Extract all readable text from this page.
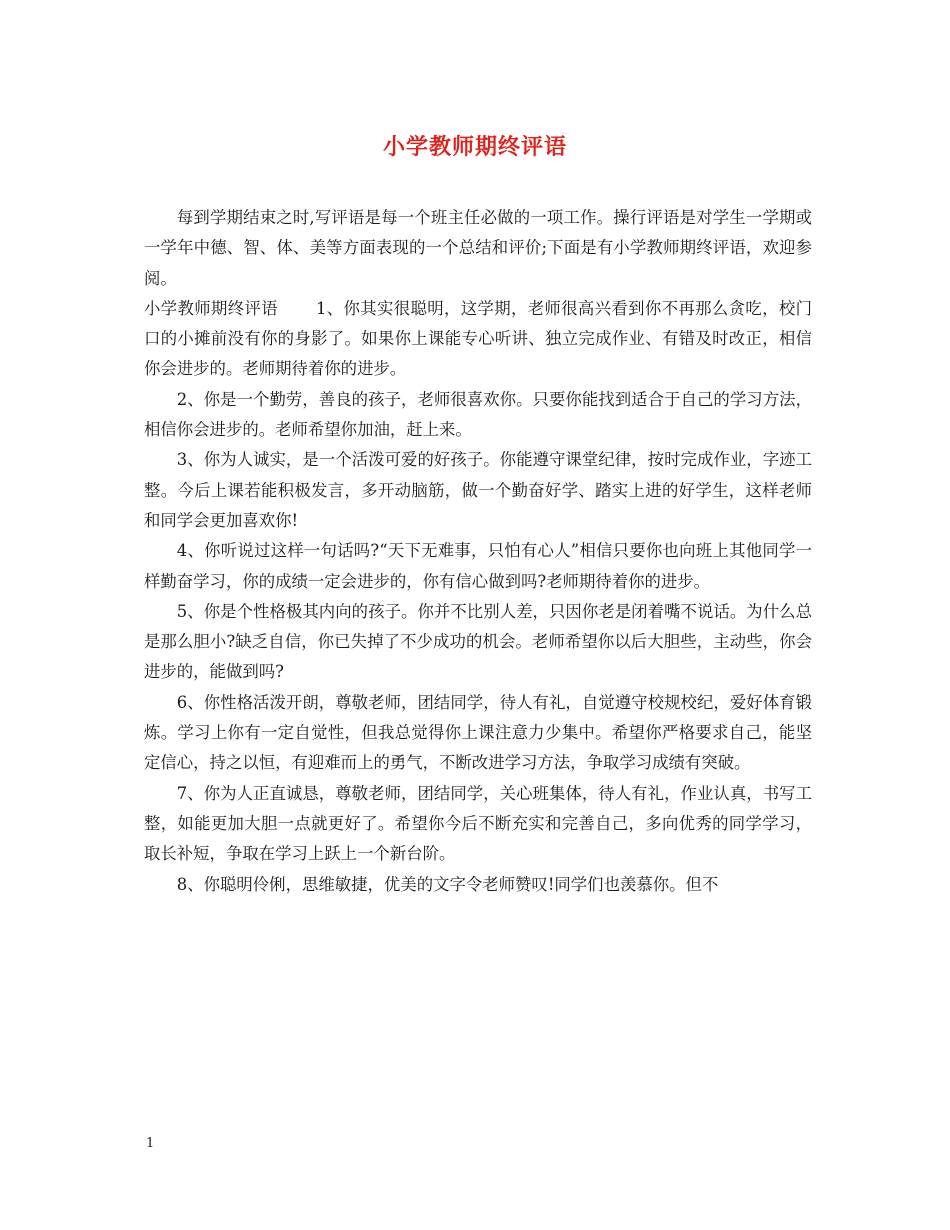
小学教师期终评语

每到学期结束之时,写评语是每一个班主任必做的一项工作。操行评语是对学生一学期或一学年中德、智、体、美等方面表现的一个总结和评价;下面是有小学教师期终评语，欢迎参阅。

小学教师期终评语 1、你其实很聪明，这学期，老师很高兴看到你不再那么贪吃，校门口的小摊前没有你的身影了。如果你上课能专心听讲、独立完成作业、有错及时改正，相信你会进步的。老师期待着你的进步。

2、你是一个勤劳，善良的孩子，老师很喜欢你。只要你能找到适合于自己的学习方法，相信你会进步的。老师希望你加油，赶上来。

3、你为人诚实，是一个活泼可爱的好孩子。你能遵守课堂纪律，按时完成作业，字迹工整。今后上课若能积极发言，多开动脑筋，做一个勤奋好学、踏实上进的好学生，这样老师和同学会更加喜欢你!

4、你听说过这样一句话吗?“天下无难事，只怕有心人”相信只要你也向班上其他同学一样勤奋学习，你的成绩一定会进步的，你有信心做到吗?老师期待着你的进步。

5、你是个性格极其内向的孩子。你并不比别人差，只因你老是闭着嘴不说话。为什么总是那么胆小?缺乏自信，你已失掉了不少成功的机会。老师希望你以后大胆些，主动些，你会进步的，能做到吗?

6、你性格活泼开朗，尊敬老师，团结同学，待人有礼，自觉遵守校规校纪，爱好体育锻炼。学习上你有一定自觉性，但我总觉得你上课注意力少集中。希望你严格要求自己，能坚定信心，持之以恒，有迎难而上的勇气，不断改进学习方法，争取学习成绩有突破。

7、你为人正直诚恳，尊敬老师，团结同学，关心班集体，待人有礼，作业认真，书写工整，如能更加大胆一点就更好了。希望你今后不断充实和完善自己，多向优秀的同学学习，取长补短，争取在学习上跃上一个新台阶。

8、你聪明伶俐，思维敏捷，优美的文字令老师赞叹!同学们也羡慕你。但不

1
